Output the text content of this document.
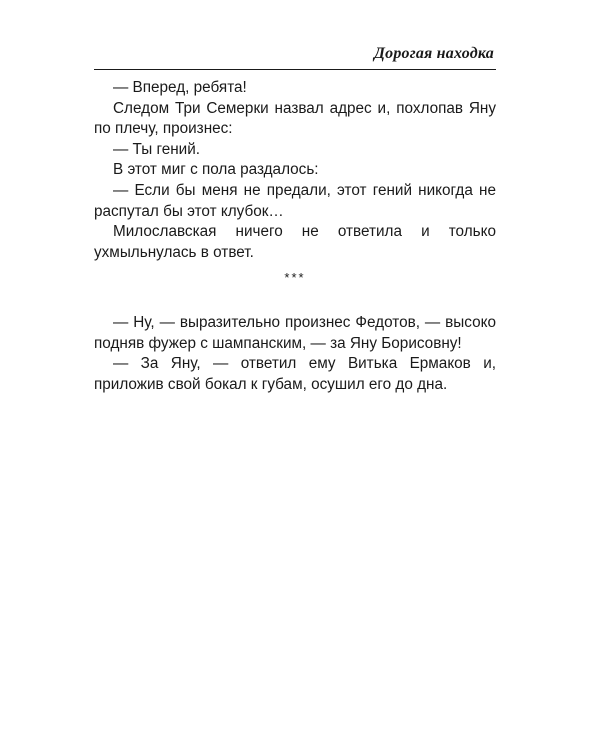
Дорогая находка

— Вперед, ребята!

Следом Три Семерки назвал адрес и, похлопав Яну по плечу, произнес:

— Ты гений.

В этот миг с пола раздалось:

— Если бы меня не предали, этот гений никогда не распутал бы этот клубок…

Милославская ничего не ответила и только ухмыльнулась в ответ.

***

— Ну, — выразительно произнес Федотов, — высоко подняв фужер с шампанским, — за Яну Борисовну!

— За Яну, — ответил ему Витька Ермаков и, приложив свой бокал к губам, осушил его до дна.
